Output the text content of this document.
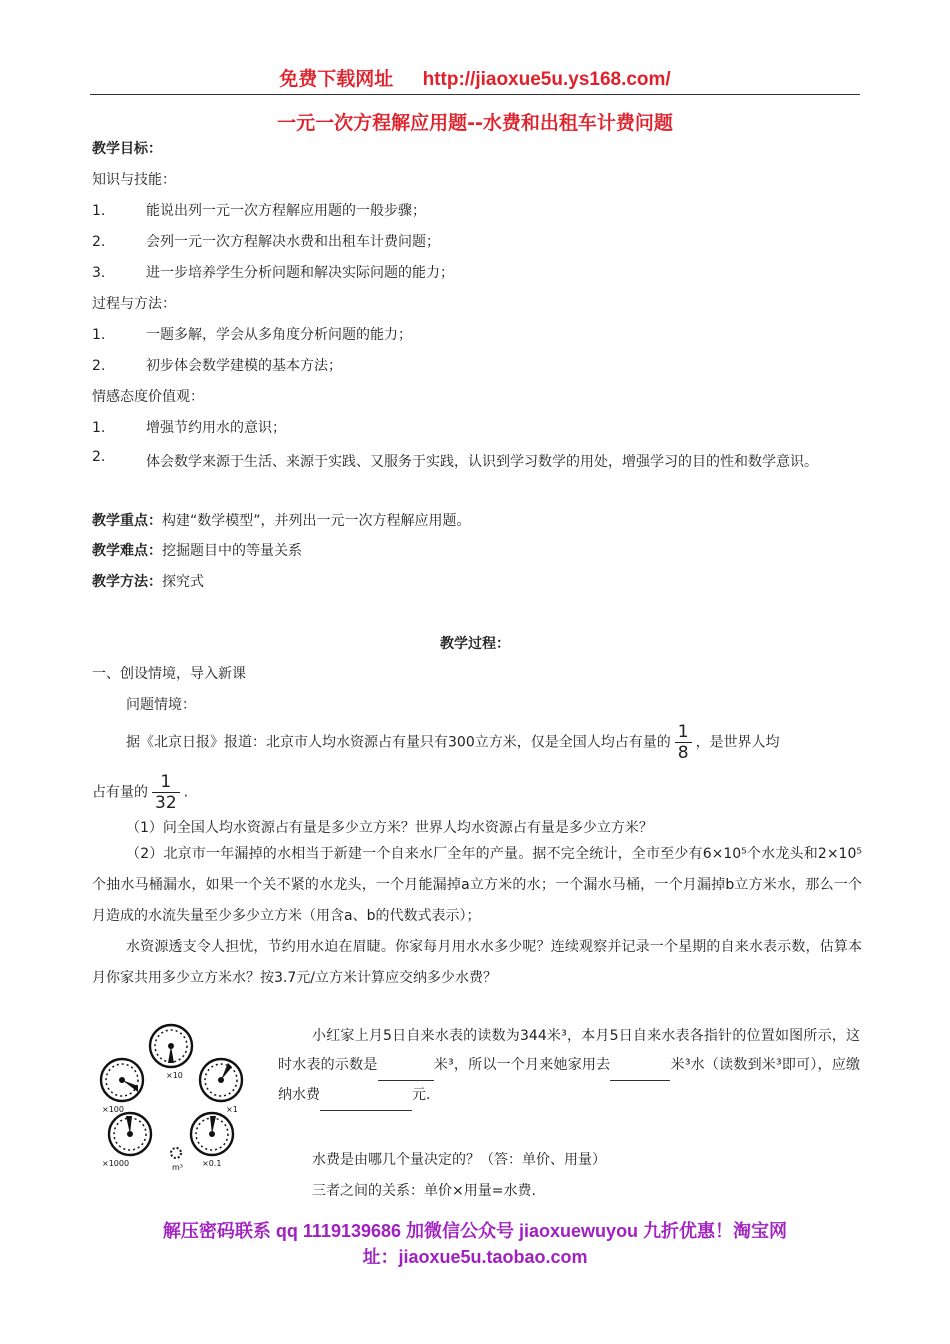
免费下载网址 http://jiaoxue5u.ys168.com/
一元一次方程解应用题--水费和出租车计费问题
教学目标：
知识与技能：
1.	能说出列一元一次方程解应用题的一般步骤；
2.	会列一元一次方程解决水费和出租车计费问题；
3.	进一步培养学生分析问题和解决实际问题的能力；
过程与方法：
1.	一题多解，学会从多角度分析问题的能力；
2.	初步体会数学建模的基本方法；
情感态度价值观：
1.	增强节约用水的意识；
2.	体会数学来源于生活、来源于实践、又服务于实践，认识到学习数学的用处，增强学习的目的性和数学意识。
教学重点：构建“数学模型”，并列出一元一次方程解应用题。
教学难点：挖掘题目中的等量关系
教学方法：探究式
教学过程：
一、创设情境，导入新课
问题情境：
据《北京日报》报道：北京市人均水资源占有量只有300立方米，仅是全国人均占有量的 $\frac{1}{8}$ ，是世界人均
占有量的 $\frac{1}{32}$ .
（1）问全国人均水资源占有量是多少立方米？世界人均水资源占有量是多少立方米？
（2）北京市一年漏掉的水相当于新建一个自来水厂全年的产量。据不完全统计，全市至少有6×10⁵个水龙头和2×10⁵个抽水马桶漏水，如果一个关不紧的水龙头，一个月能漏掉a立方米的水；一个漏水马桶，一个月漏掉b立方米水，那么一个月造成的水流失量至少多少立方米（用含a、b的代数式表示）；
水资源透支令人担忧，节约用水迫在眉睫。你家每月用水水多少呢？连续观察并记录一个星期的自来水表示数，估算本月你家共用多少立方米水？按3.7元/立方米计算应交纳多少水费？
×10
×100	×1
×1000	×0.1
m³
小红家上月5日自来水表的读数为344米³，本月5日自来水表各指针的位置如图所示，这时水表的示数是	米³，所以一个月来她家用去	米³水（读数到米³即可），应缴纳水费	元.
水费是由哪几个量决定的？（答：单价、用量）
三者之间的关系：单价×用量=水费.
解压密码联系 qq 1119139686 加微信公众号 jiaoxuewuyou 九折优惠！淘宝网
址：jiaoxue5u.taobao.com
